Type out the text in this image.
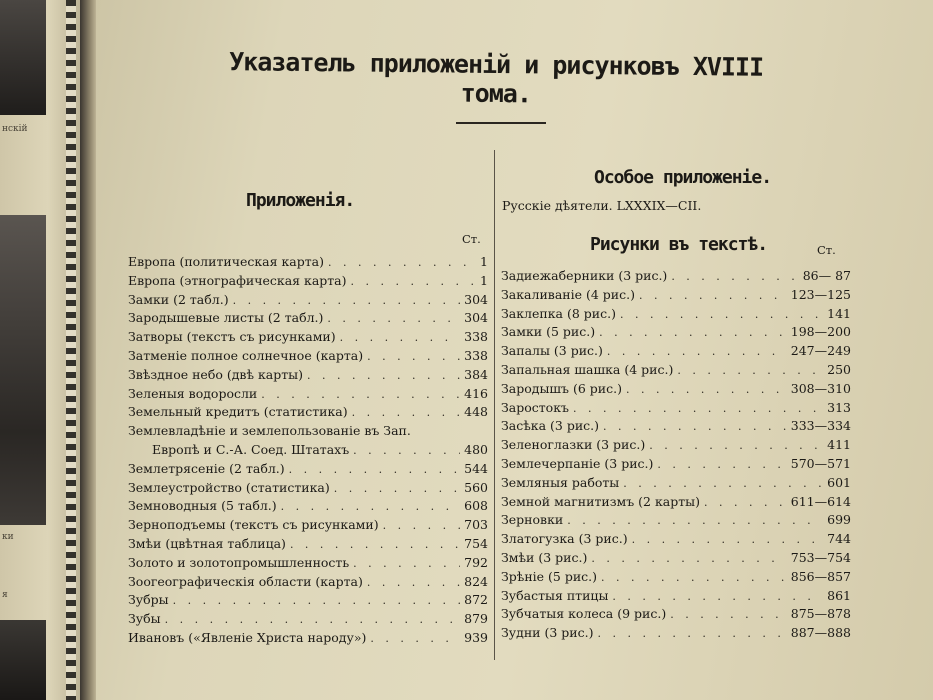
нскій
ки
я
Указатель приложеній и рисунковъ XVIII тома.
Приложенія.
Ст.
Европа (политическая карта) . . .	1
Европа (этнографическая карта) . . .	1
Замки (2 табл.) . . .	304
Зародышевые листы (2 табл.) . . .	304
Затворы (текстъ съ рисунками) . . .	338
Затменіе полное солнечное (карта) . . .	338
Звѣздное небо (двѣ карты) . . .	384
Зеленыя водоросли . . .	416
Земельный кредитъ (статистика) . . .	448
Землевладѣніе и землепользованіе въ Зап.
Европѣ и С.-А. Соед. Штатахъ . . .	480
Землетрясеніе (2 табл.) . . .	544
Землеустройство (статистика) . . .	560
Земноводныя (5 табл.) . . .	608
Зерноподъемы (текстъ съ рисунками) . . .	703
Змѣи (цвѣтная таблица) . . .	754
Золото и золотопромышленность . . .	792
Зоогеографическія области (карта) . . .	824
Зубры . . .	872
Зубы . . .	879
Ивановъ («Явленіе Христа народу») . . .	939
Особое приложеніе.
Русскіе дѣятели. LXXXIX—CII.
Рисунки въ текстѣ.	Ст.
Задиежаберники (3 рис.) . . .	86— 87
Закаливаніе (4 рис.) . . .	123—125
Заклепка (8 рис.) . . .	141
Замки (5 рис.) . . .	198—200
Запалы (3 рис.) . . .	247—249
Запальная шашка (4 рис.) . . .	250
Зародышъ (6 рис.) . . .	308—310
Заростокъ . . .	313
Засѣка (3 рис.) . . .	333—334
Зеленоглазки (3 рис.) . . .	411
Землечерпаніе (3 рис.) . . .	570—571
Земляныя работы . . .	601
Земной магнитизмъ (2 карты) . . .	611—614
Зерновки . . .	699
Златогузка (3 рис.) . . .	744
Змѣи (3 рис.) . . .	753—754
Зрѣніе (5 рис.) . . .	856—857
Зубастыя птицы . . .	861
Зубчатыя колеса (9 рис.) . . .	875—878
Зудни (3 рис.) . . .	887—888
